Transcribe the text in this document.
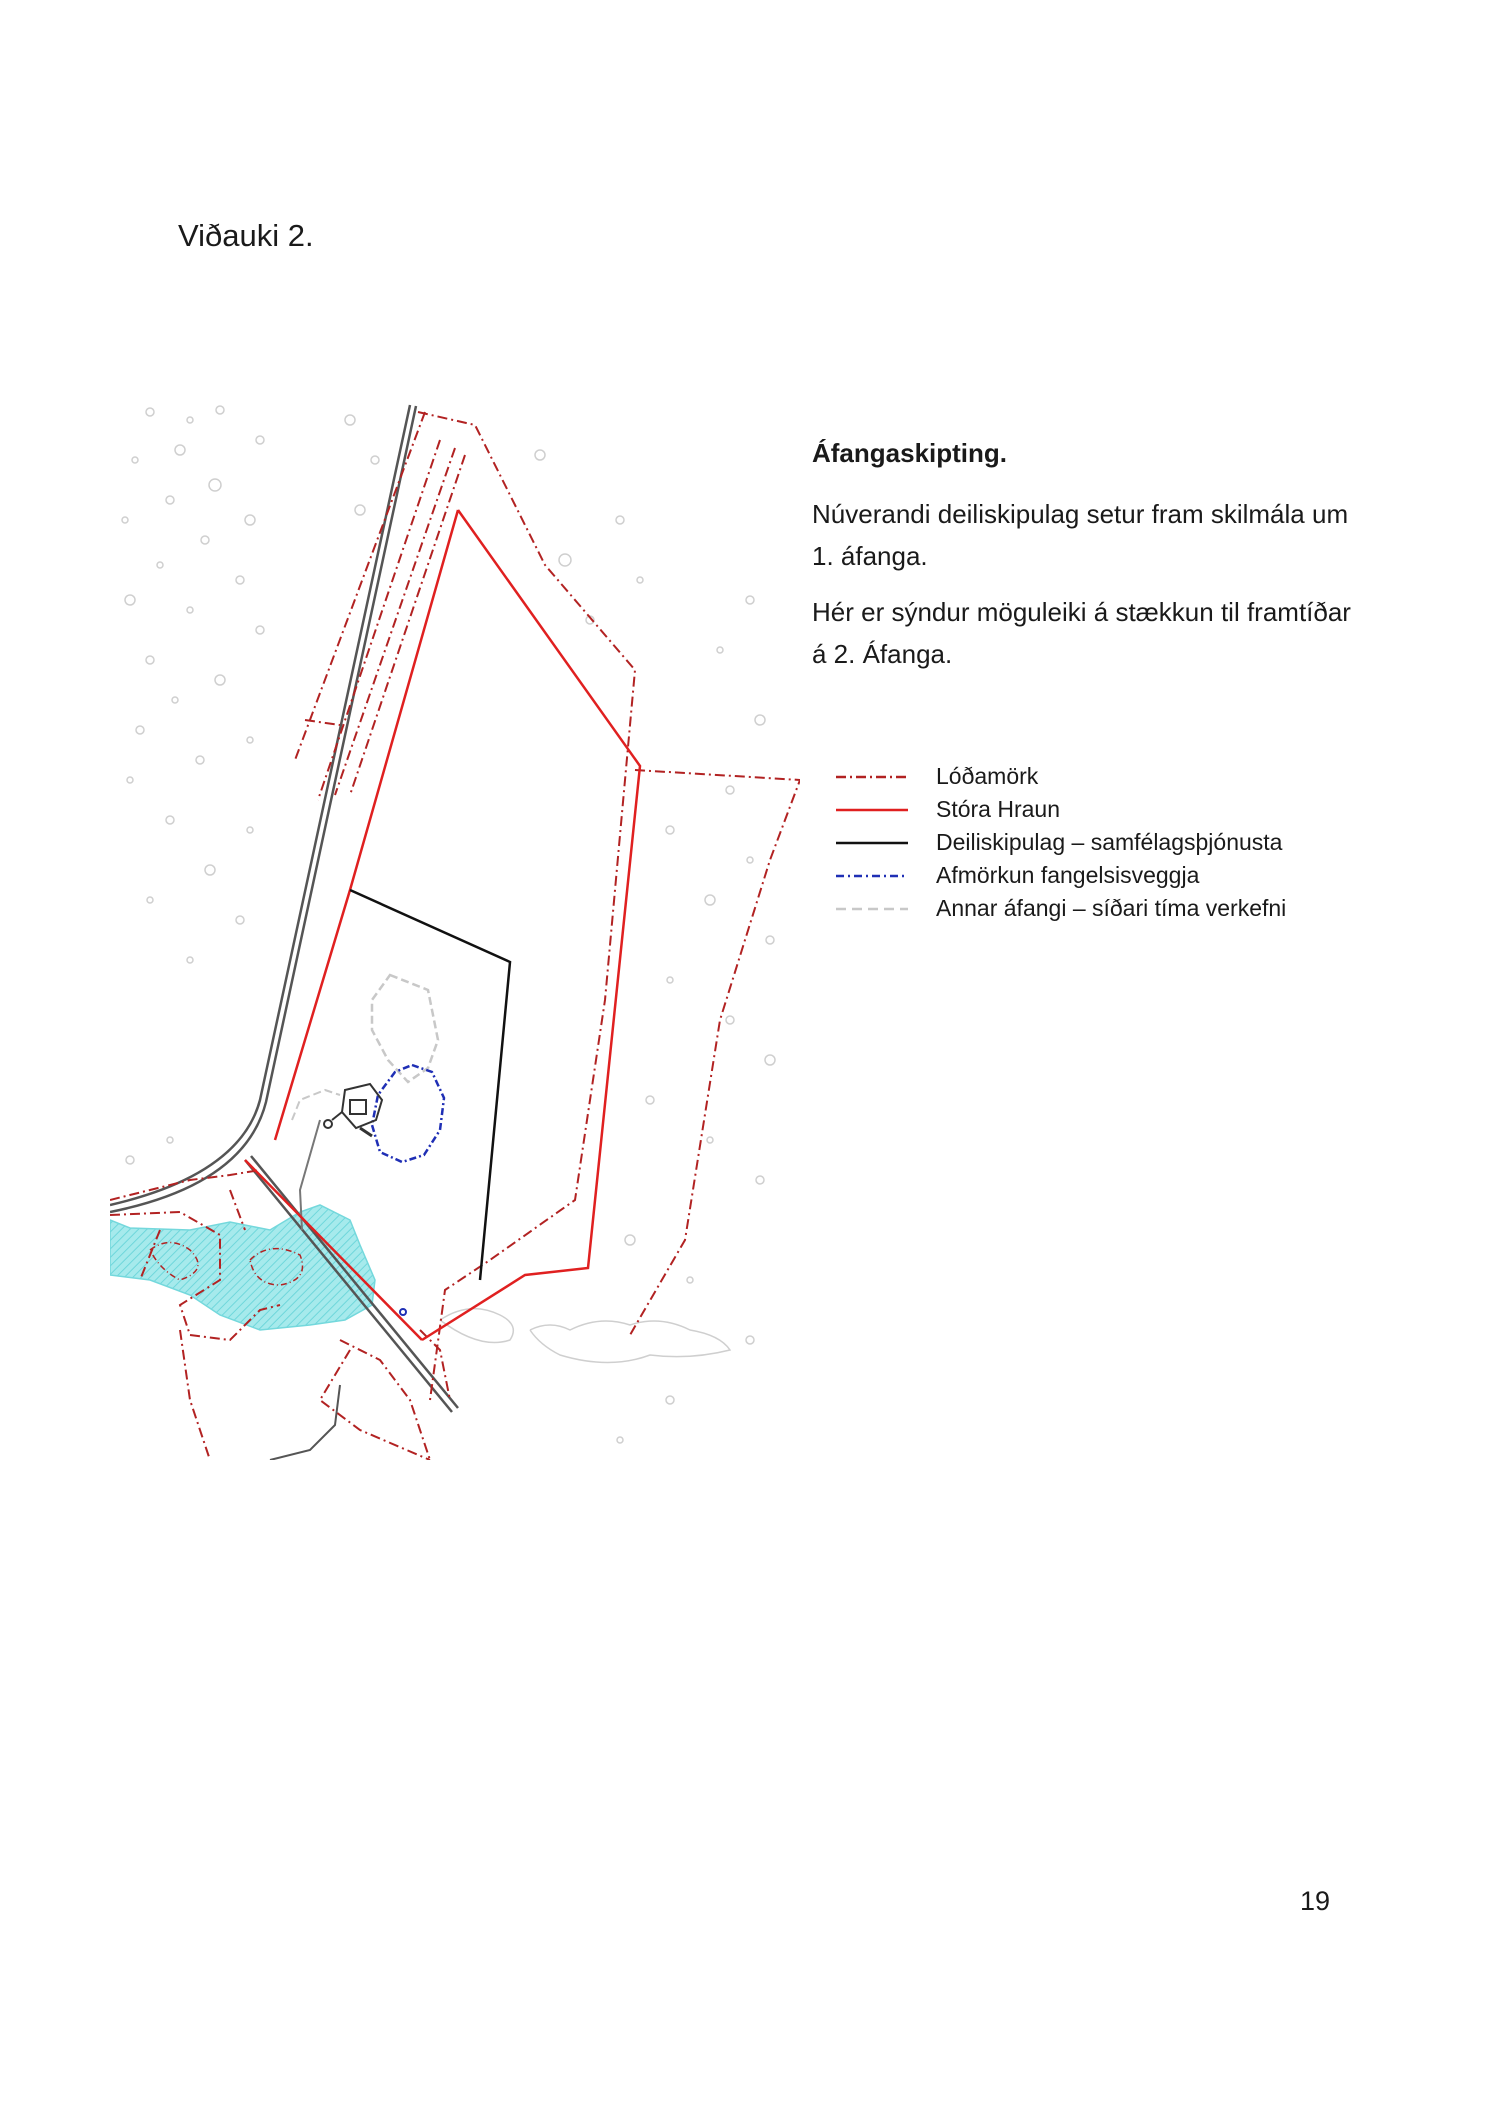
Viðauki 2.
Áfangaskipting.

Núverandi deiliskipulag setur fram skilmála um 1. áfanga.

Hér er sýndur möguleiki á stækkun til framtíðar á 2. Áfanga.

Lóðamörk
Stóra Hraun
Deiliskipulag – samfélagsþjónusta
Afmörkun fangelsisveggja
Annar áfangi – síðari tíma verkefni
19
